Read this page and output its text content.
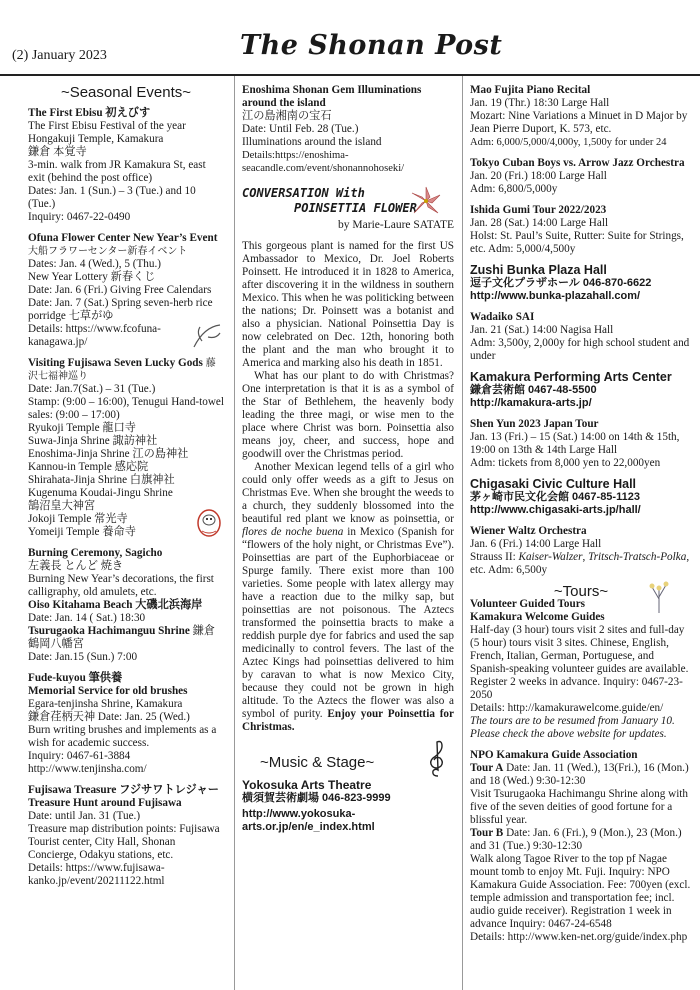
(2) January 2023	The Shonan Post
~Seasonal Events~
The First Ebisu 初えびす

The First Ebisu Festival of the year

Hongakuji Temple, Kamakura

鎌倉 本覚寺

3-min. walk from JR Kamakura St, east exit (behind the post office)

Dates: Jan. 1 (Sun.) – 3 (Tue.) and 10 (Tue.)

Inquiry: 0467-22-0490

Ofuna Flower Center New Year’s Event 大船フラワーセンター新春イベント

Dates: Jan. 4 (Wed.), 5 (Thu.)

New Year Lottery 新春くじ

Date: Jan. 6 (Fri.) Giving Free Calendars

Date: Jan. 7 (Sat.) Spring seven-herb rice porridge 七草がゆ

Details: https://www.fcofuna-kanagawa.jp/

Visiting Fujisawa Seven Lucky Gods 藤沢七福神巡り

Date: Jan.7(Sat.) – 31 (Tue.)

Stamp: (9:00 – 16:00), Tenugui Hand-towel sales: (9:00 – 17:00)

Ryukoji Temple 龍口寺

Suwa-Jinja Shrine 諏訪神社

Enoshima-Jinja Shrine 江の島神社

Kannou-in Temple 感応院

Shirahata-Jinja Shrine 白旗神社

Kugenuma Koudai-Jingu Shrine

鵠沼皇大神宮

Jokoji Temple 常光寺

Yomeiji Temple 養命寺

Burning Ceremony, Sagicho

左義長 とんど 焼き

Burning New Year’s decorations, the first calligraphy, old amulets, etc.

Oiso Kitahama Beach 大磯北浜海岸

Date: Jan. 14 ( Sat.) 18:30

Tsurugaoka Hachimanguu Shrine 鎌倉鶴岡八幡宮

Date: Jan.15 (Sun.) 7:00

Fude-kuyou 筆供養
Memorial Service for old brushes

Egara-tenjinsha Shrine, Kamakura

鎌倉荏柄天神 Date: Jan. 25 (Wed.)

Burn writing brushes and implements as a wish for academic success.

Inquiry: 0467-61-3884

http://www.tenjinsha.com/

Fujisawa Treasure フジサワトレジャー
Treasure Hunt around Fujisawa

Date: until Jan. 31 (Tue.)

Treasure map distribution points: Fujisawa Tourist center, City Hall, Shonan Concierge, Odakyu stations, etc.

Details: https://www.fujisawa-kanko.jp/event/20211122.html

Enoshima Shonan Gem Illuminations around the island

江の島湘南の宝石

Date: Until Feb. 28 (Tue.)

Illuminations around the island

Details:https://enoshima-seacandle.com/event/shonannohoseki/

CONVERSATION With
POINSETTIA FLOWER
by Marie-Laure SATATE

This gorgeous plant is named for the first US Ambassador to Mexico, Dr. Joel Roberts Poinsett. He introduced it in 1828 to America, after discovering it in the wildness in southern Mexico. This when he was politicking between the nations; Dr. Poinsett was a botanist and also a physician. National Poinsettia Day is now celebrated on Dec. 12th, honoring both the plant and the man who brought it to America and marking also his death in 1851.

What has our plant to do with Christmas? One interpretation is that it is as a symbol of the Star of Bethlehem, the heavenly body leading the three magi, or wise men to the place where Christ was born. Poinsettia also means joy, cheer, and success, hope and goodwill over the Christmas period.

Another Mexican legend tells of a girl who could only offer weeds as a gift to Jesus on Christmas Eve. When she brought the weeds to a church, they suddenly blossomed into the beautiful red plant we know as poinsettia, or flores de noche buena in Mexico (Spanish for “flowers of the holy night, or Christmas Eve”). Poinsettias are part of the Euphorbiaceae or Spurge family. There exist more than 100 varieties. Some people with latex allergy may have a reaction due to the milky sap, but poinsettias are not poisonous. The Aztecs transformed the poinsettia bracts to make a reddish purple dye for fabrics and used the sap medicinally to control fevers. The last of the Aztec Kings had poinsettias delivered to him by caravan to what is now Mexico City, because they could not be grown in high altitude. To the Aztecs the flower was also a symbol of purity. Enjoy your Poinsettia for Christmas.

~Music & Stage~
Yokosuka Arts Theatre
横須賀芸術劇場 046-823-9999
http://www.yokosuka-arts.or.jp/en/e_index.html
Mao Fujita Piano Recital

Jan. 19 (Thr.) 18:30 Large Hall

Mozart: Nine Variations a Minuet in D Major by Jean Pierre Duport, K. 573, etc.

Adm: 6,000/5,000/4,000y, 1,500y for under 24

Tokyo Cuban Boys vs. Arrow Jazz Orchestra

Jan. 20 (Fri.) 18:00 Large Hall

Adm: 6,800/5,000y

Ishida Gumi Tour 2022/2023

Jan. 28 (Sat.) 14:00 Large Hall

Holst: St. Paul’s Suite, Rutter: Suite for Strings, etc. Adm: 5,000/4,500y

Zushi Bunka Plaza Hall
逗子文化プラザホール 046-870-6622
http://www.bunka-plazahall.com/
Wadaiko SAI

Jan. 21 (Sat.) 14:00 Nagisa Hall

Adm: 3,500y, 2,000y for high school student and under

Kamakura Performing Arts Center
鎌倉芸術館 0467-48-5500
http://kamakura-arts.jp/
Shen Yun 2023 Japan Tour

Jan. 13 (Fri.) – 15 (Sat.) 14:00 on 14th & 15th, 19:00 on 13th & 14th Large Hall

Adm: tickets from 8,000 yen to 22,000yen

Chigasaki Civic Culture Hall
茅ヶ崎市民文化会館 0467-85-1123
http://www.chigasaki-arts.jp/hall/
Wiener Waltz Orchestra

Jan. 6 (Fri.) 14:00 Large Hall

Strauss II: Kaiser-Walzer, Tritsch-Tratsch-Polka, etc. Adm: 6,500y

~Tours~
Volunteer Guided Tours
Kamakura Welcome Guides

Half-day (3 hour) tours visit 2 sites and full-day (5 hour) tours visit 3 sites. Chinese, English, French, Italian, German, Portuguese, and Spanish-speaking volunteer guides are available. Register 2 weeks in advance. Inquiry: 0467-23-2050

Details: http://kamakurawelcome.guide/en/

The tours are to be resumed from January 10. Please check the above website for updates.

NPO Kamakura Guide Association

Tour A Date: Jan. 11 (Wed.), 13(Fri.), 16 (Mon.) and 18 (Wed.) 9:30-12:30

Visit Tsurugaoka Hachimangu Shrine along with five of the seven deities of good fortune for a blissful year.

Tour B Date: Jan. 6 (Fri.), 9 (Mon.), 23 (Mon.) and 31 (Tue.) 9:30-12:30

Walk along Tagoe River to the top pf Nagae mount tomb to enjoy Mt. Fuji. Inquiry: NPO Kamakura Guide Association. Fee: 700yen (excl. temple admission and transportation fee; incl. audio guide receiver). Registration 1 week in advance Inquiry: 0467-24-6548

Details: http://www.ken-net.org/guide/index.php
